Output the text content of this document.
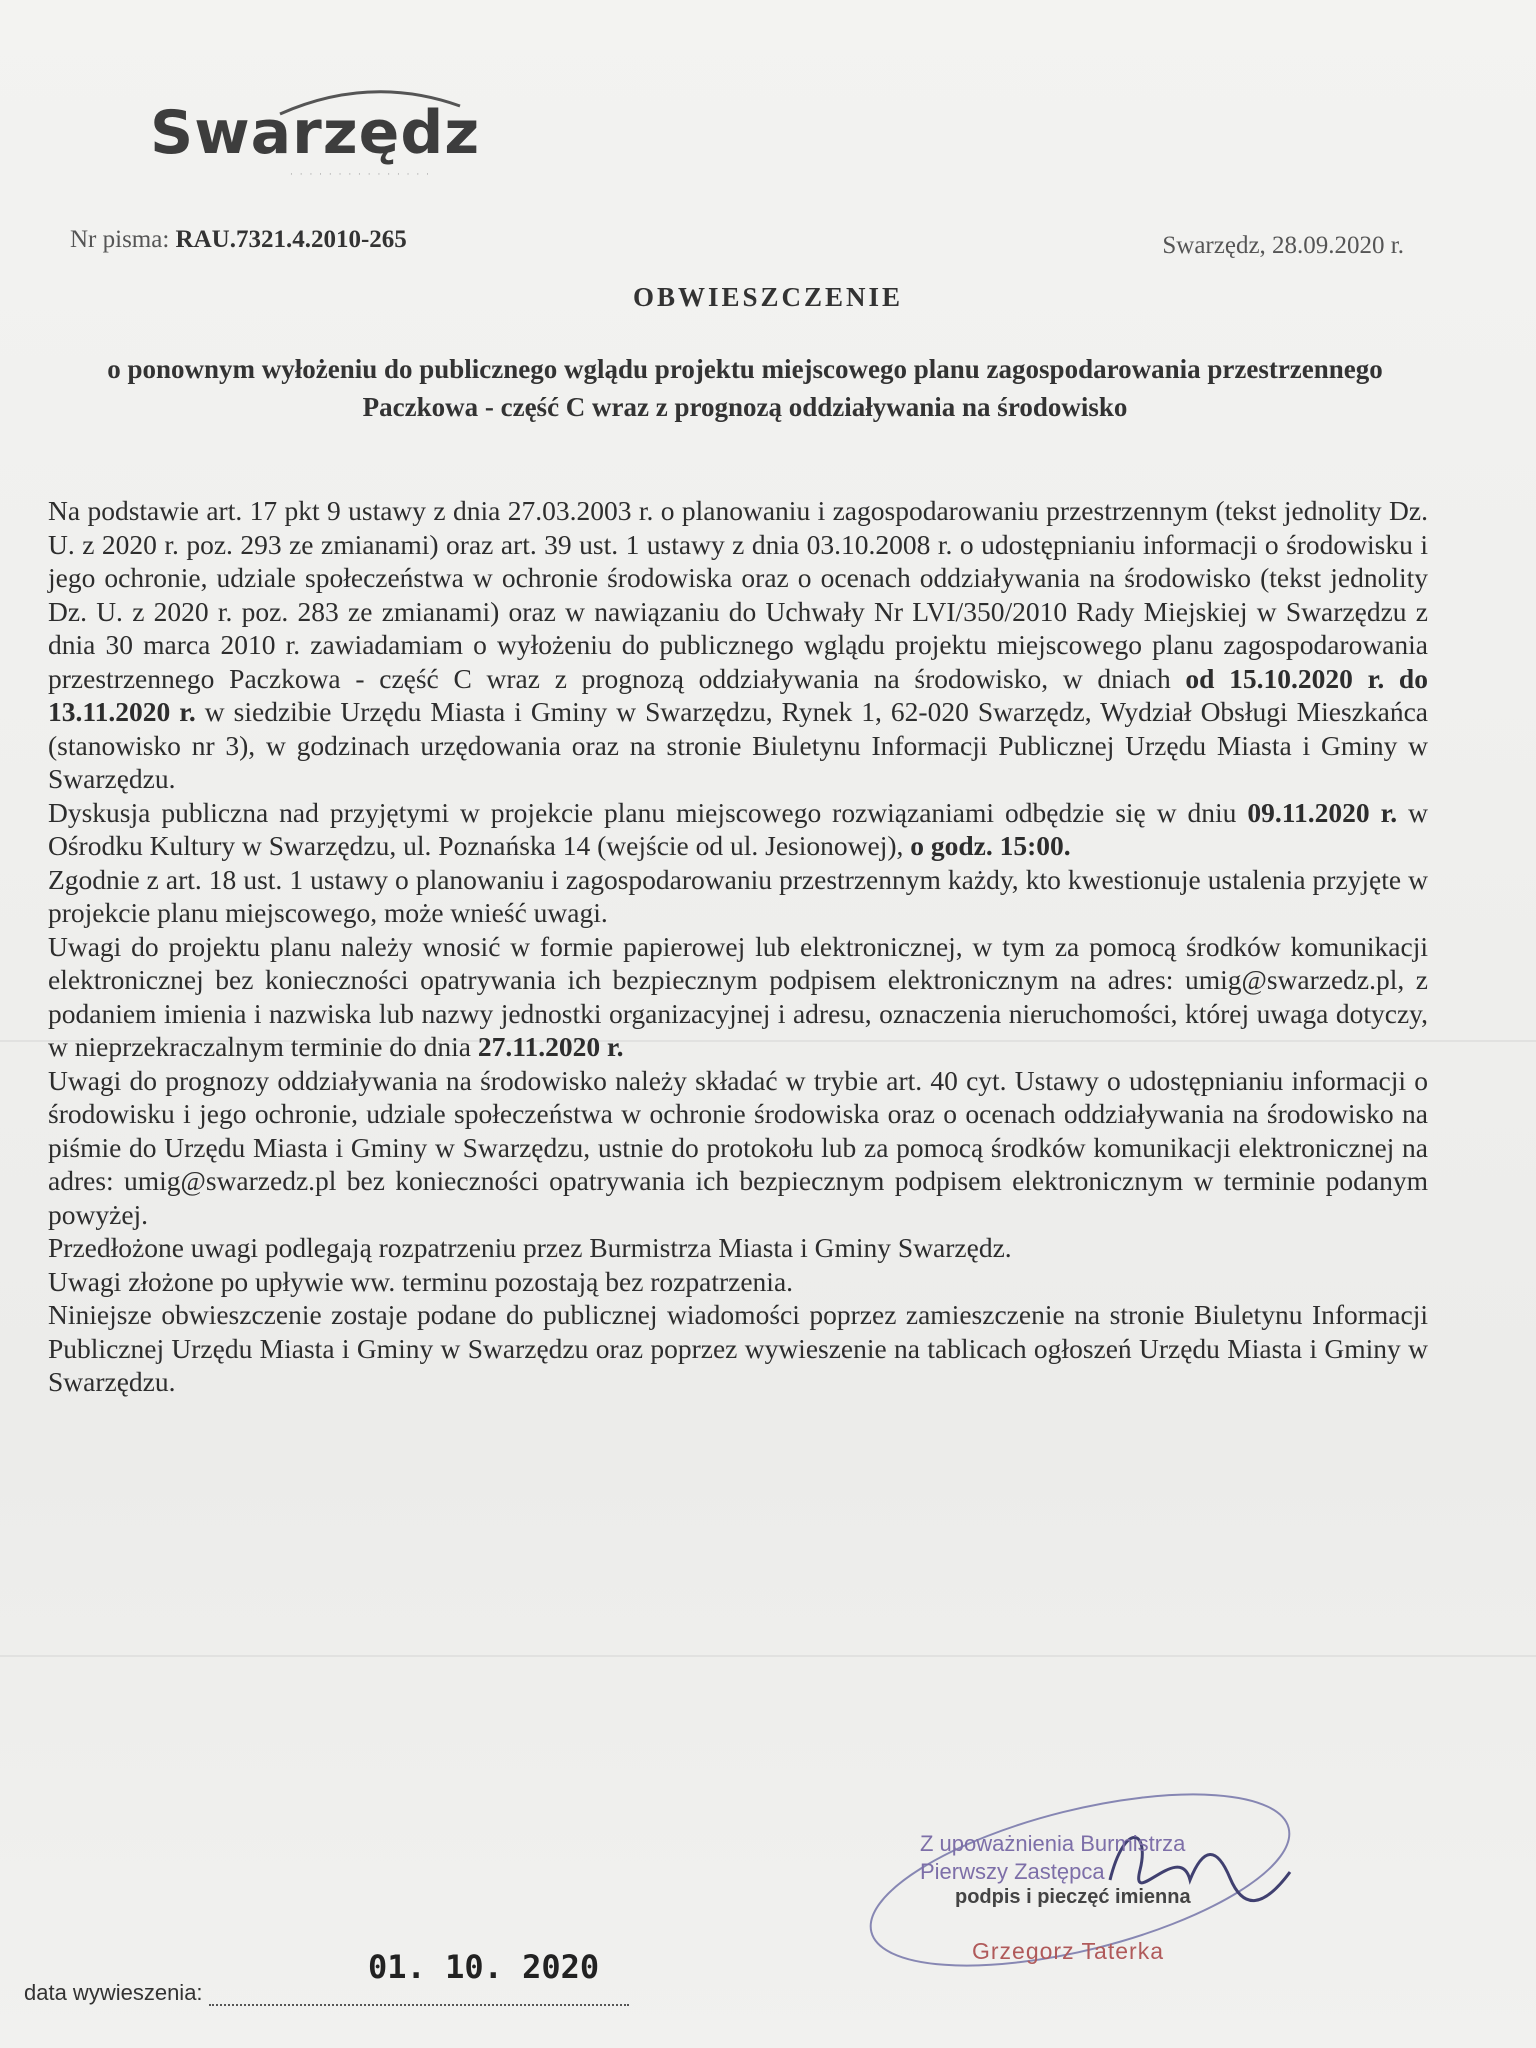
Swarzędz
· · · · · · · · · · · · · · ·
Nr pisma: RAU.7321.4.2010-265	Swarzędz, 28.09.2020 r.
OBWIESZCZENIE
o ponownym wyłożeniu do publicznego wglądu projektu miejscowego planu zagospodarowania przestrzennego Paczkowa - część C wraz z prognozą oddziaływania na środowisko

Na podstawie art. 17 pkt 9 ustawy z dnia 27.03.2003 r. o planowaniu i zagospodarowaniu przestrzennym (tekst jednolity Dz. U. z 2020 r. poz. 293 ze zmianami) oraz art. 39 ust. 1 ustawy z dnia 03.10.2008 r. o udostępnianiu informacji o środowisku i jego ochronie, udziale społeczeństwa w ochronie środowiska oraz o ocenach oddziaływania na środowisko (tekst jednolity Dz. U. z 2020 r. poz. 283 ze zmianami) oraz w nawiązaniu do Uchwały Nr LVI/350/2010 Rady Miejskiej w Swarzędzu z dnia 30 marca 2010 r. zawiadamiam o wyłożeniu do publicznego wglądu projektu miejscowego planu zagospodarowania przestrzennego Paczkowa - część C wraz z prognozą oddziaływania na środowisko, w dniach od 15.10.2020 r. do 13.11.2020 r. w siedzibie Urzędu Miasta i Gminy w Swarzędzu, Rynek 1, 62-020 Swarzędz, Wydział Obsługi Mieszkańca (stanowisko nr 3), w godzinach urzędowania oraz na stronie Biuletynu Informacji Publicznej Urzędu Miasta i Gminy w Swarzędzu.

Dyskusja publiczna nad przyjętymi w projekcie planu miejscowego rozwiązaniami odbędzie się w dniu 09.11.2020 r. w Ośrodku Kultury w Swarzędzu, ul. Poznańska 14 (wejście od ul. Jesionowej), o godz. 15:00.

Zgodnie z art. 18 ust. 1 ustawy o planowaniu i zagospodarowaniu przestrzennym każdy, kto kwestionuje ustalenia przyjęte w projekcie planu miejscowego, może wnieść uwagi.

Uwagi do projektu planu należy wnosić w formie papierowej lub elektronicznej, w tym za pomocą środków komunikacji elektronicznej bez konieczności opatrywania ich bezpiecznym podpisem elektronicznym na adres: umig@swarzedz.pl, z podaniem imienia i nazwiska lub nazwy jednostki organizacyjnej i adresu, oznaczenia nieruchomości, której uwaga dotyczy, w nieprzekraczalnym terminie do dnia 27.11.2020 r.

Uwagi do prognozy oddziaływania na środowisko należy składać w trybie art. 40 cyt. Ustawy o udostępnianiu informacji o środowisku i jego ochronie, udziale społeczeństwa w ochronie środowiska oraz o ocenach oddziaływania na środowisko na piśmie do Urzędu Miasta i Gminy w Swarzędzu, ustnie do protokołu lub za pomocą środków komunikacji elektronicznej na adres: umig@swarzedz.pl bez konieczności opatrywania ich bezpiecznym podpisem elektronicznym w terminie podanym powyżej.

Przedłożone uwagi podlegają rozpatrzeniu przez Burmistrza Miasta i Gminy Swarzędz.

Uwagi złożone po upływie ww. terminu pozostają bez rozpatrzenia.

Niniejsze obwieszczenie zostaje podane do publicznej wiadomości poprzez zamieszczenie na stronie Biuletynu Informacji Publicznej Urzędu Miasta i Gminy w Swarzędzu oraz poprzez wywieszenie na tablicach ogłoszeń Urzędu Miasta i Gminy w Swarzędzu.

Z upoważnienia Burmistrza
Pierwszy Zastępca
podpis i pieczęć imienna
Grzegorz Taterka
01. 10. 2020
data wywieszenia:
